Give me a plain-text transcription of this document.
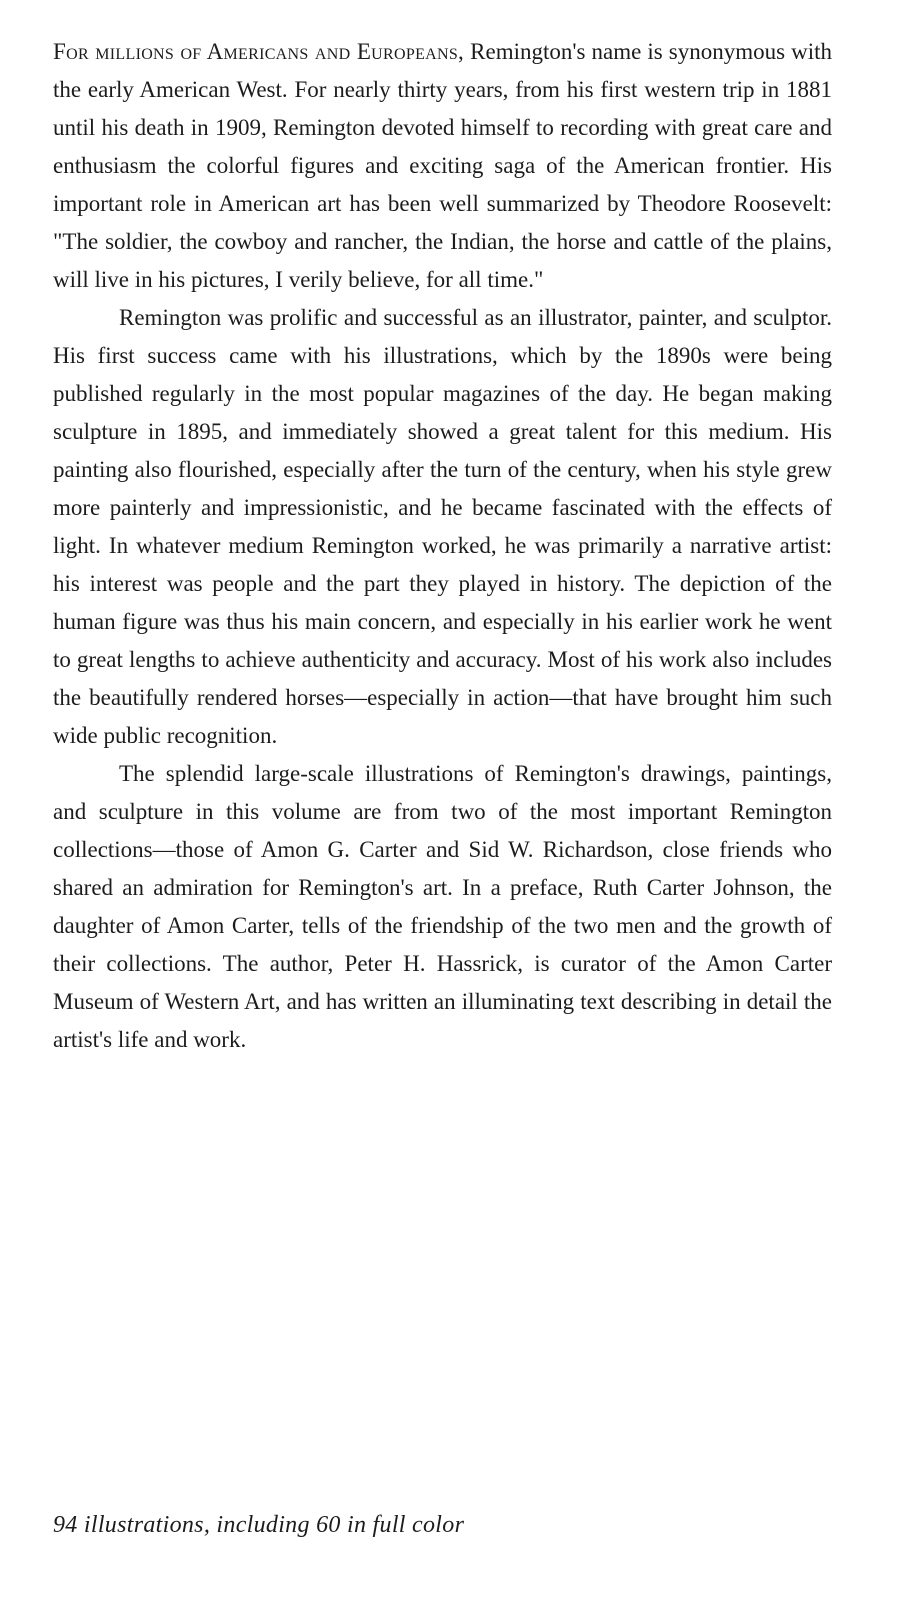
For millions of Americans and Europeans, Remington's name is synonymous with the early American West. For nearly thirty years, from his first western trip in 1881 until his death in 1909, Remington devoted himself to recording with great care and enthusiasm the colorful figures and exciting saga of the American frontier. His important role in American art has been well summarized by Theodore Roosevelt: "The soldier, the cowboy and rancher, the Indian, the horse and cattle of the plains, will live in his pictures, I verily believe, for all time."

Remington was prolific and successful as an illustrator, painter, and sculptor. His first success came with his illustrations, which by the 1890s were being published regularly in the most popular magazines of the day. He began making sculpture in 1895, and immediately showed a great talent for this medium. His painting also flourished, especially after the turn of the century, when his style grew more painterly and impressionistic, and he became fascinated with the effects of light. In whatever medium Remington worked, he was primarily a narrative artist: his interest was people and the part they played in history. The depiction of the human figure was thus his main concern, and especially in his earlier work he went to great lengths to achieve authenticity and accuracy. Most of his work also includes the beautifully rendered horses—especially in action—that have brought him such wide public recognition.

The splendid large-scale illustrations of Remington's drawings, paintings, and sculpture in this volume are from two of the most important Remington collections—those of Amon G. Carter and Sid W. Richardson, close friends who shared an admiration for Remington's art. In a preface, Ruth Carter Johnson, the daughter of Amon Carter, tells of the friendship of the two men and the growth of their collections. The author, Peter H. Hassrick, is curator of the Amon Carter Museum of Western Art, and has written an illuminating text describing in detail the artist's life and work.

94 illustrations, including 60 in full color
